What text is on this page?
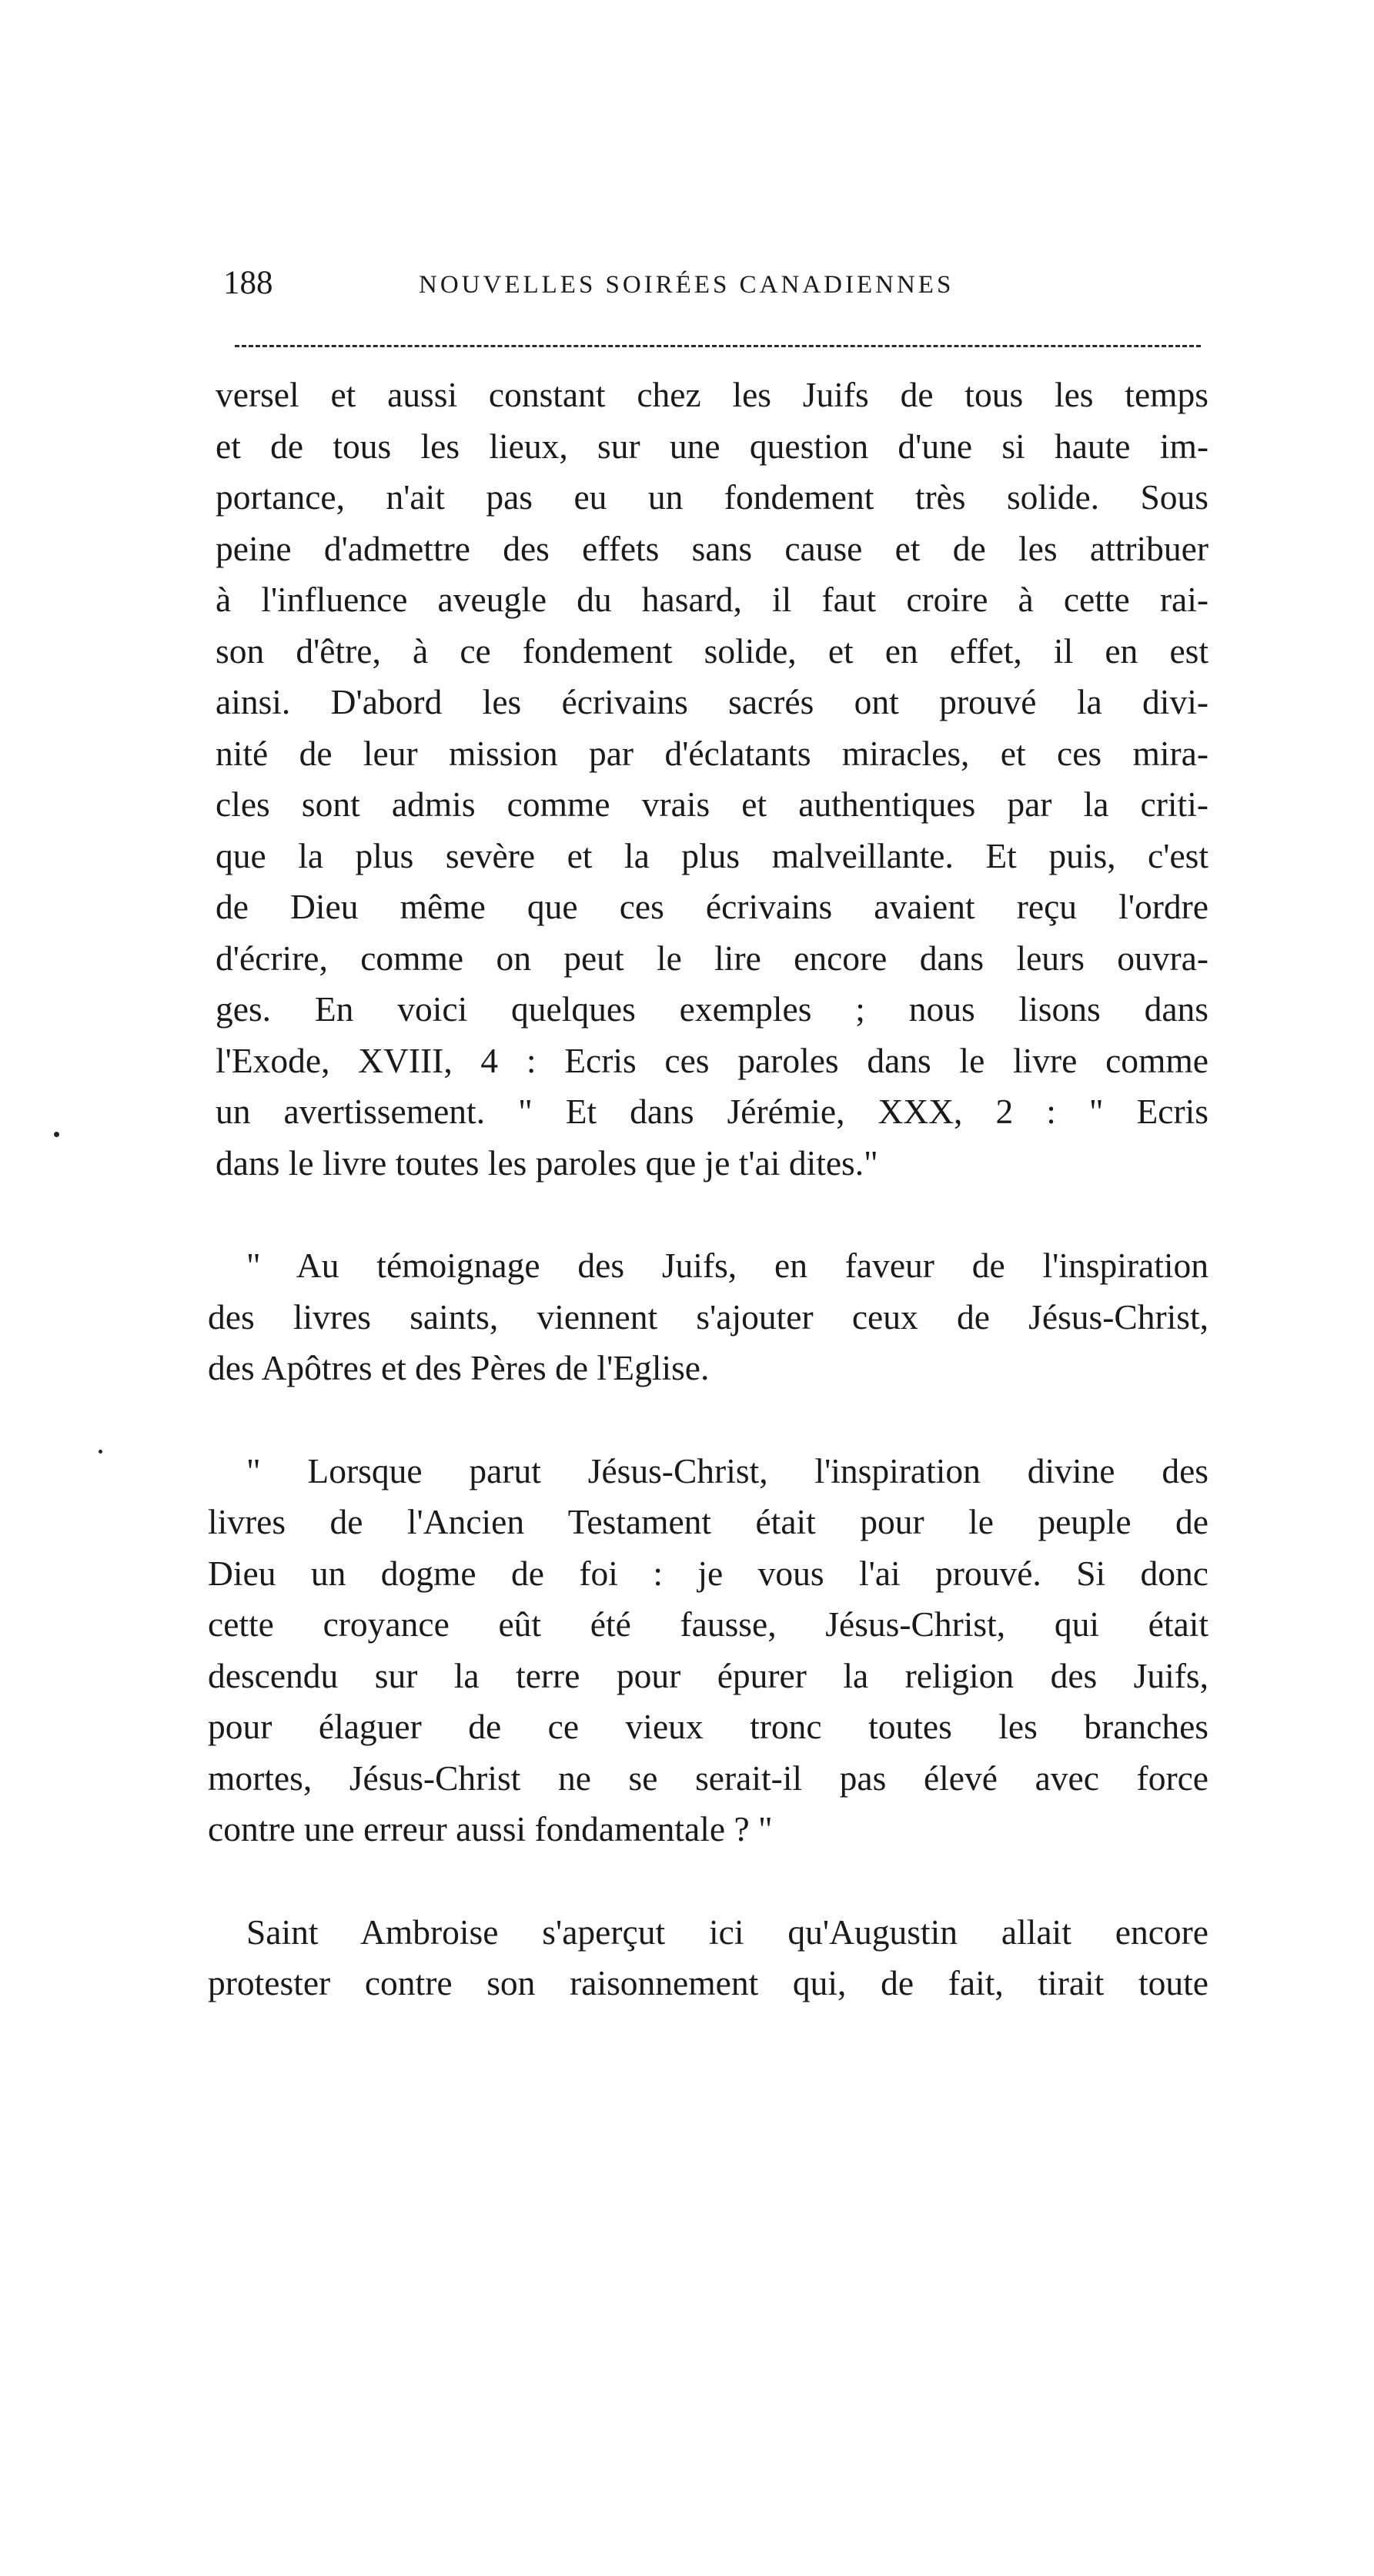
188	NOUVELLES SOIRÉES CANADIENNES

versel et aussi constant chez les Juifs de tous les temps
et de tous les lieux, sur une question d'une si haute im-
portance, n'ait pas eu un fondement très solide. Sous
peine d'admettre des effets sans cause et de les attribuer
à l'influence aveugle du hasard, il faut croire à cette rai-
son d'être, à ce fondement solide, et en effet, il en est
ainsi. D'abord les écrivains sacrés ont prouvé la divi-
nité de leur mission par d'éclatants miracles, et ces mira-
cles sont admis comme vrais et authentiques par la criti-
que la plus sevère et la plus malveillante. Et puis, c'est
de Dieu même que ces écrivains avaient reçu l'ordre
d'écrire, comme on peut le lire encore dans leurs ouvra-
ges. En voici quelques exemples ; nous lisons dans
l'Exode, XVIII, 4 : Ecris ces paroles dans le livre comme
un avertissement. " Et dans Jérémie, XXX, 2 : " Ecris
dans le livre toutes les paroles que je t'ai dites."

" Au témoignage des Juifs, en faveur de l'inspiration
des livres saints, viennent s'ajouter ceux de Jésus-Christ,
des Apôtres et des Pères de l'Eglise.

" Lorsque parut Jésus-Christ, l'inspiration divine des
livres de l'Ancien Testament était pour le peuple de
Dieu un dogme de foi : je vous l'ai prouvé. Si donc
cette croyance eût été fausse, Jésus-Christ, qui était
descendu sur la terre pour épurer la religion des Juifs,
pour élaguer de ce vieux tronc toutes les branches
mortes, Jésus-Christ ne se serait-il pas élevé avec force
contre une erreur aussi fondamentale ? "

Saint Ambroise s'aperçut ici qu'Augustin allait encore
protester contre son raisonnement qui, de fait, tirait toute
